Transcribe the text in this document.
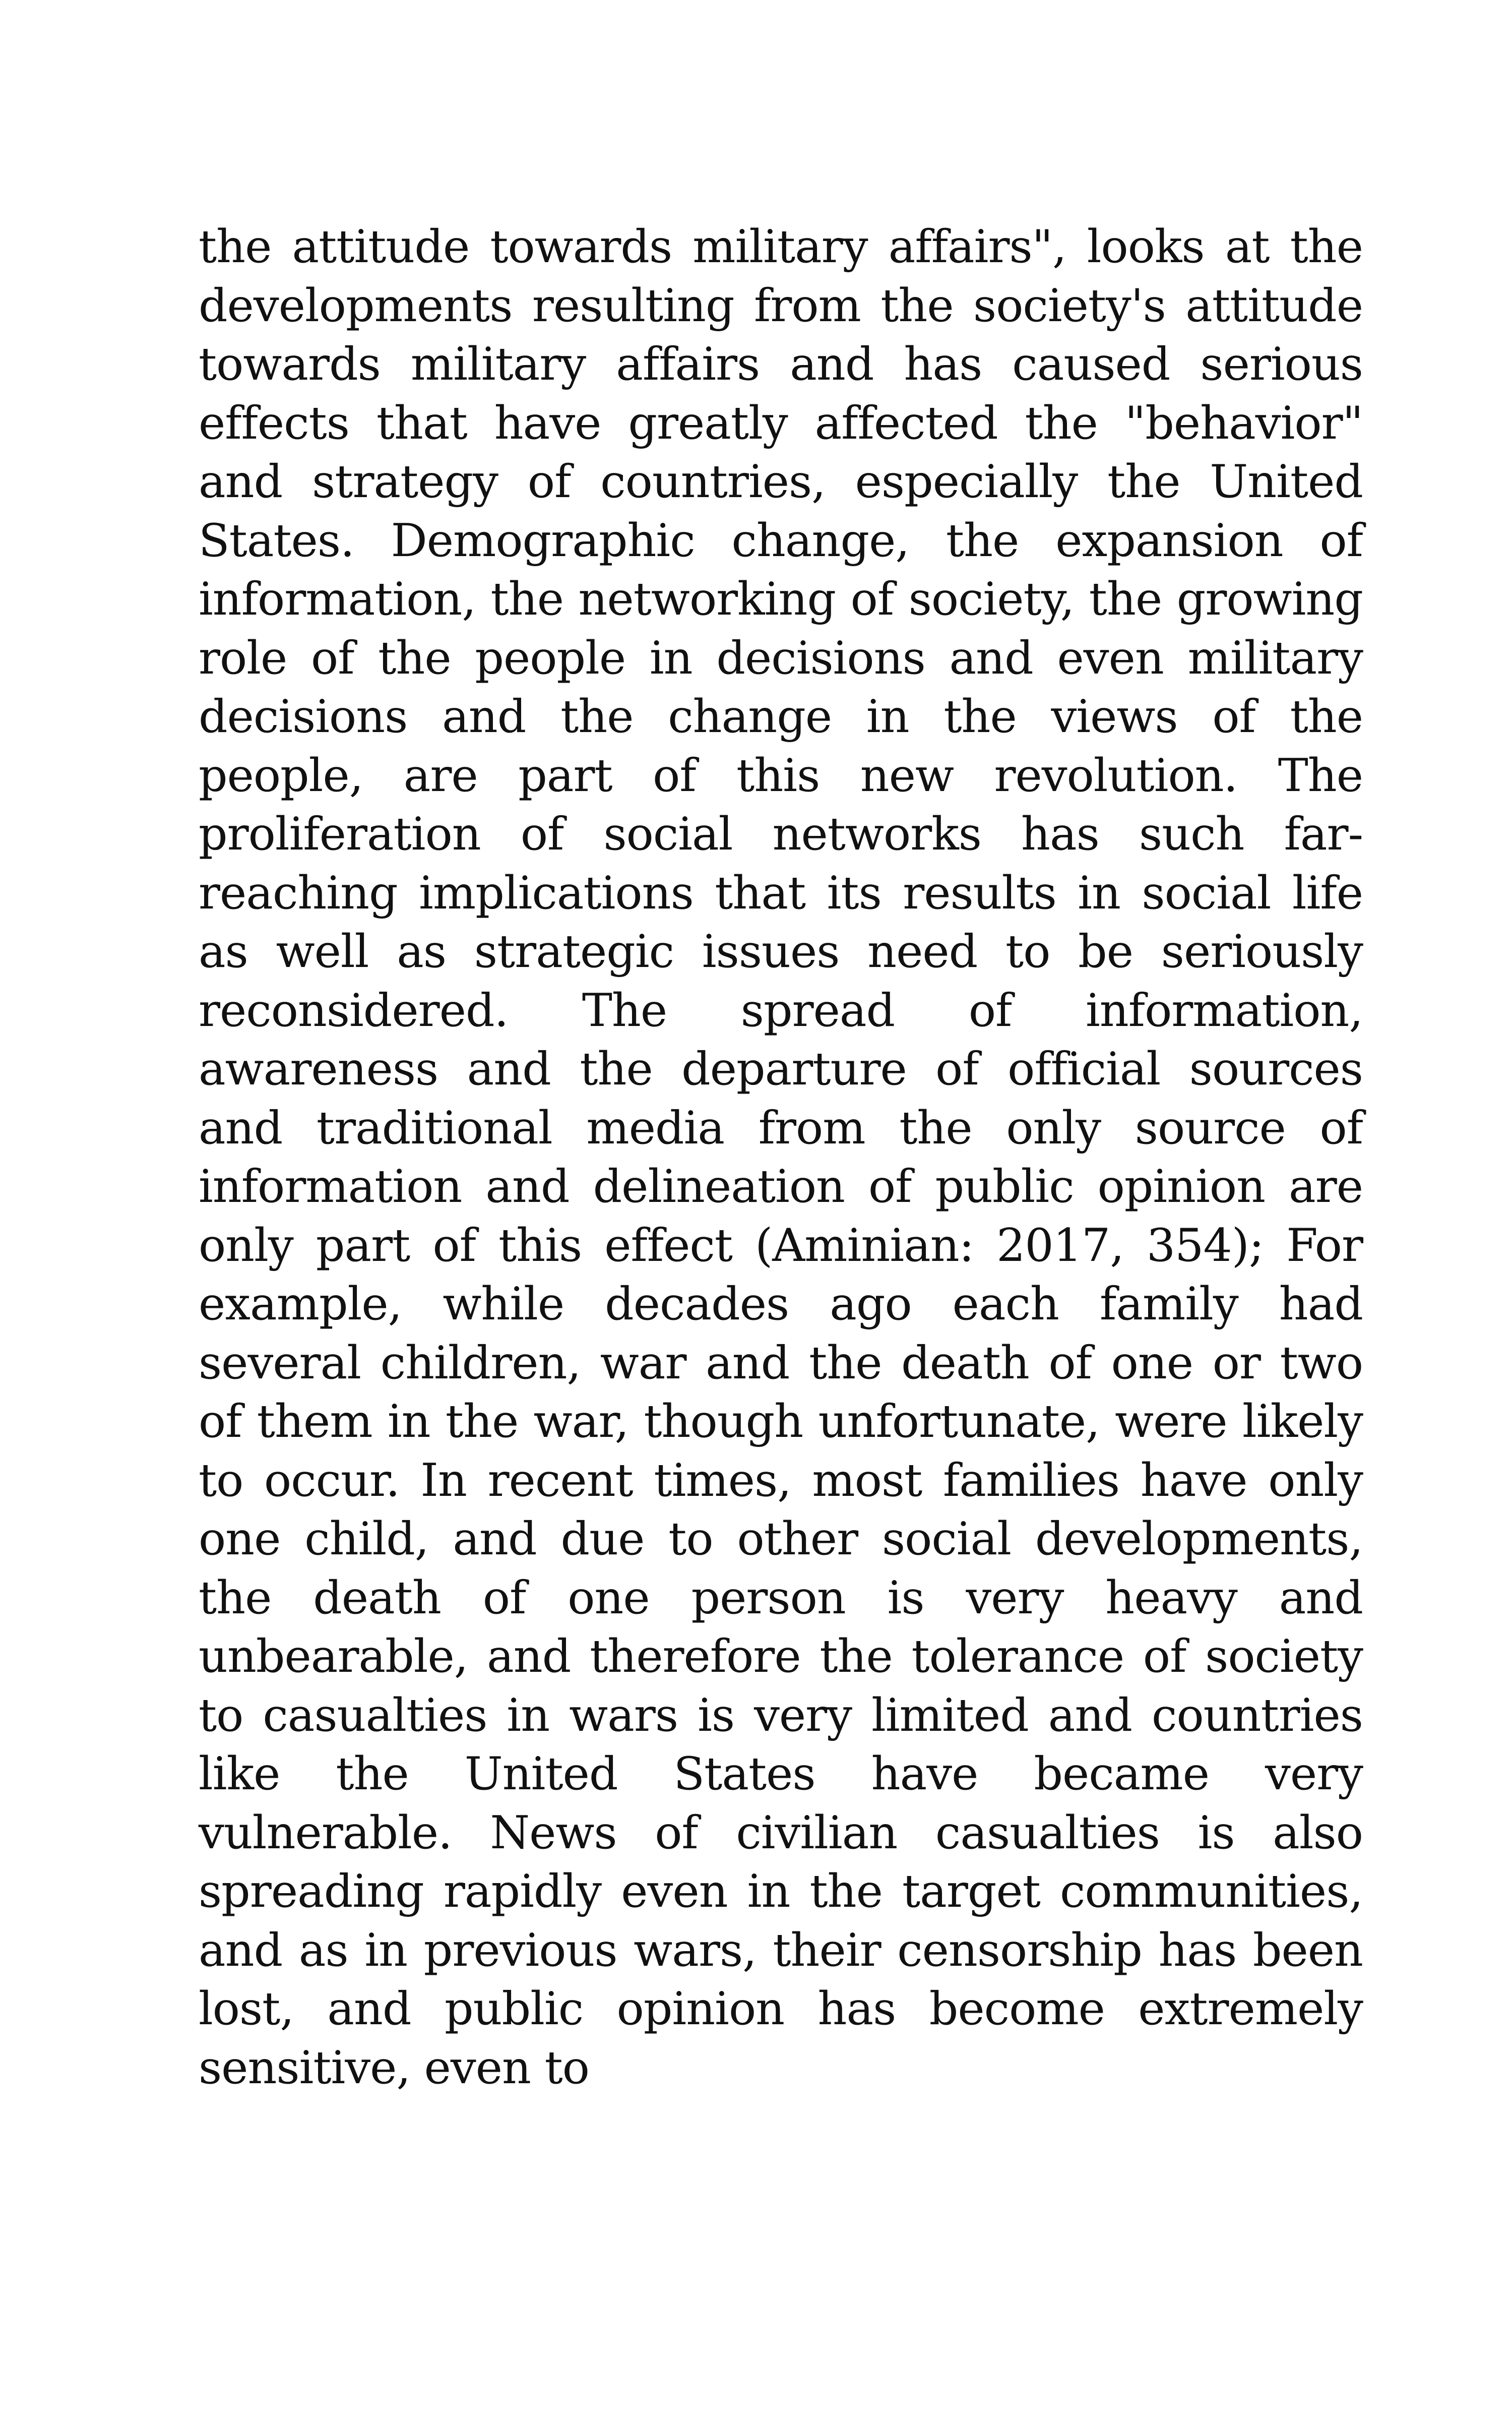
the attitude towards military affairs", looks at the developments resulting from the society's attitude towards military affairs and has caused serious effects that have greatly affected the "behavior" and strategy of countries, especially the United States. Demographic change, the expansion of information, the networking of society, the growing role of the people in decisions and even military decisions and the change in the views of the people, are part of this new revolution. The proliferation of social networks has such far-reaching implications that its results in social life as well as strategic issues need to be seriously reconsidered. The spread of information, awareness and the departure of official sources and traditional media from the only source of information and delineation of public opinion are only part of this effect (Aminian: 2017, 354); For example, while decades ago each family had several children, war and the death of one or two of them in the war, though unfortunate, were likely to occur. In recent times, most families have only one child, and due to other social developments, the death of one person is very heavy and unbearable, and therefore the tolerance of society to casualties in wars is very limited and countries like the United States have became very vulnerable. News of civilian casualties is also spreading rapidly even in the target communities, and as in previous wars, their censorship has been lost, and public opinion has become extremely sensitive, even to
